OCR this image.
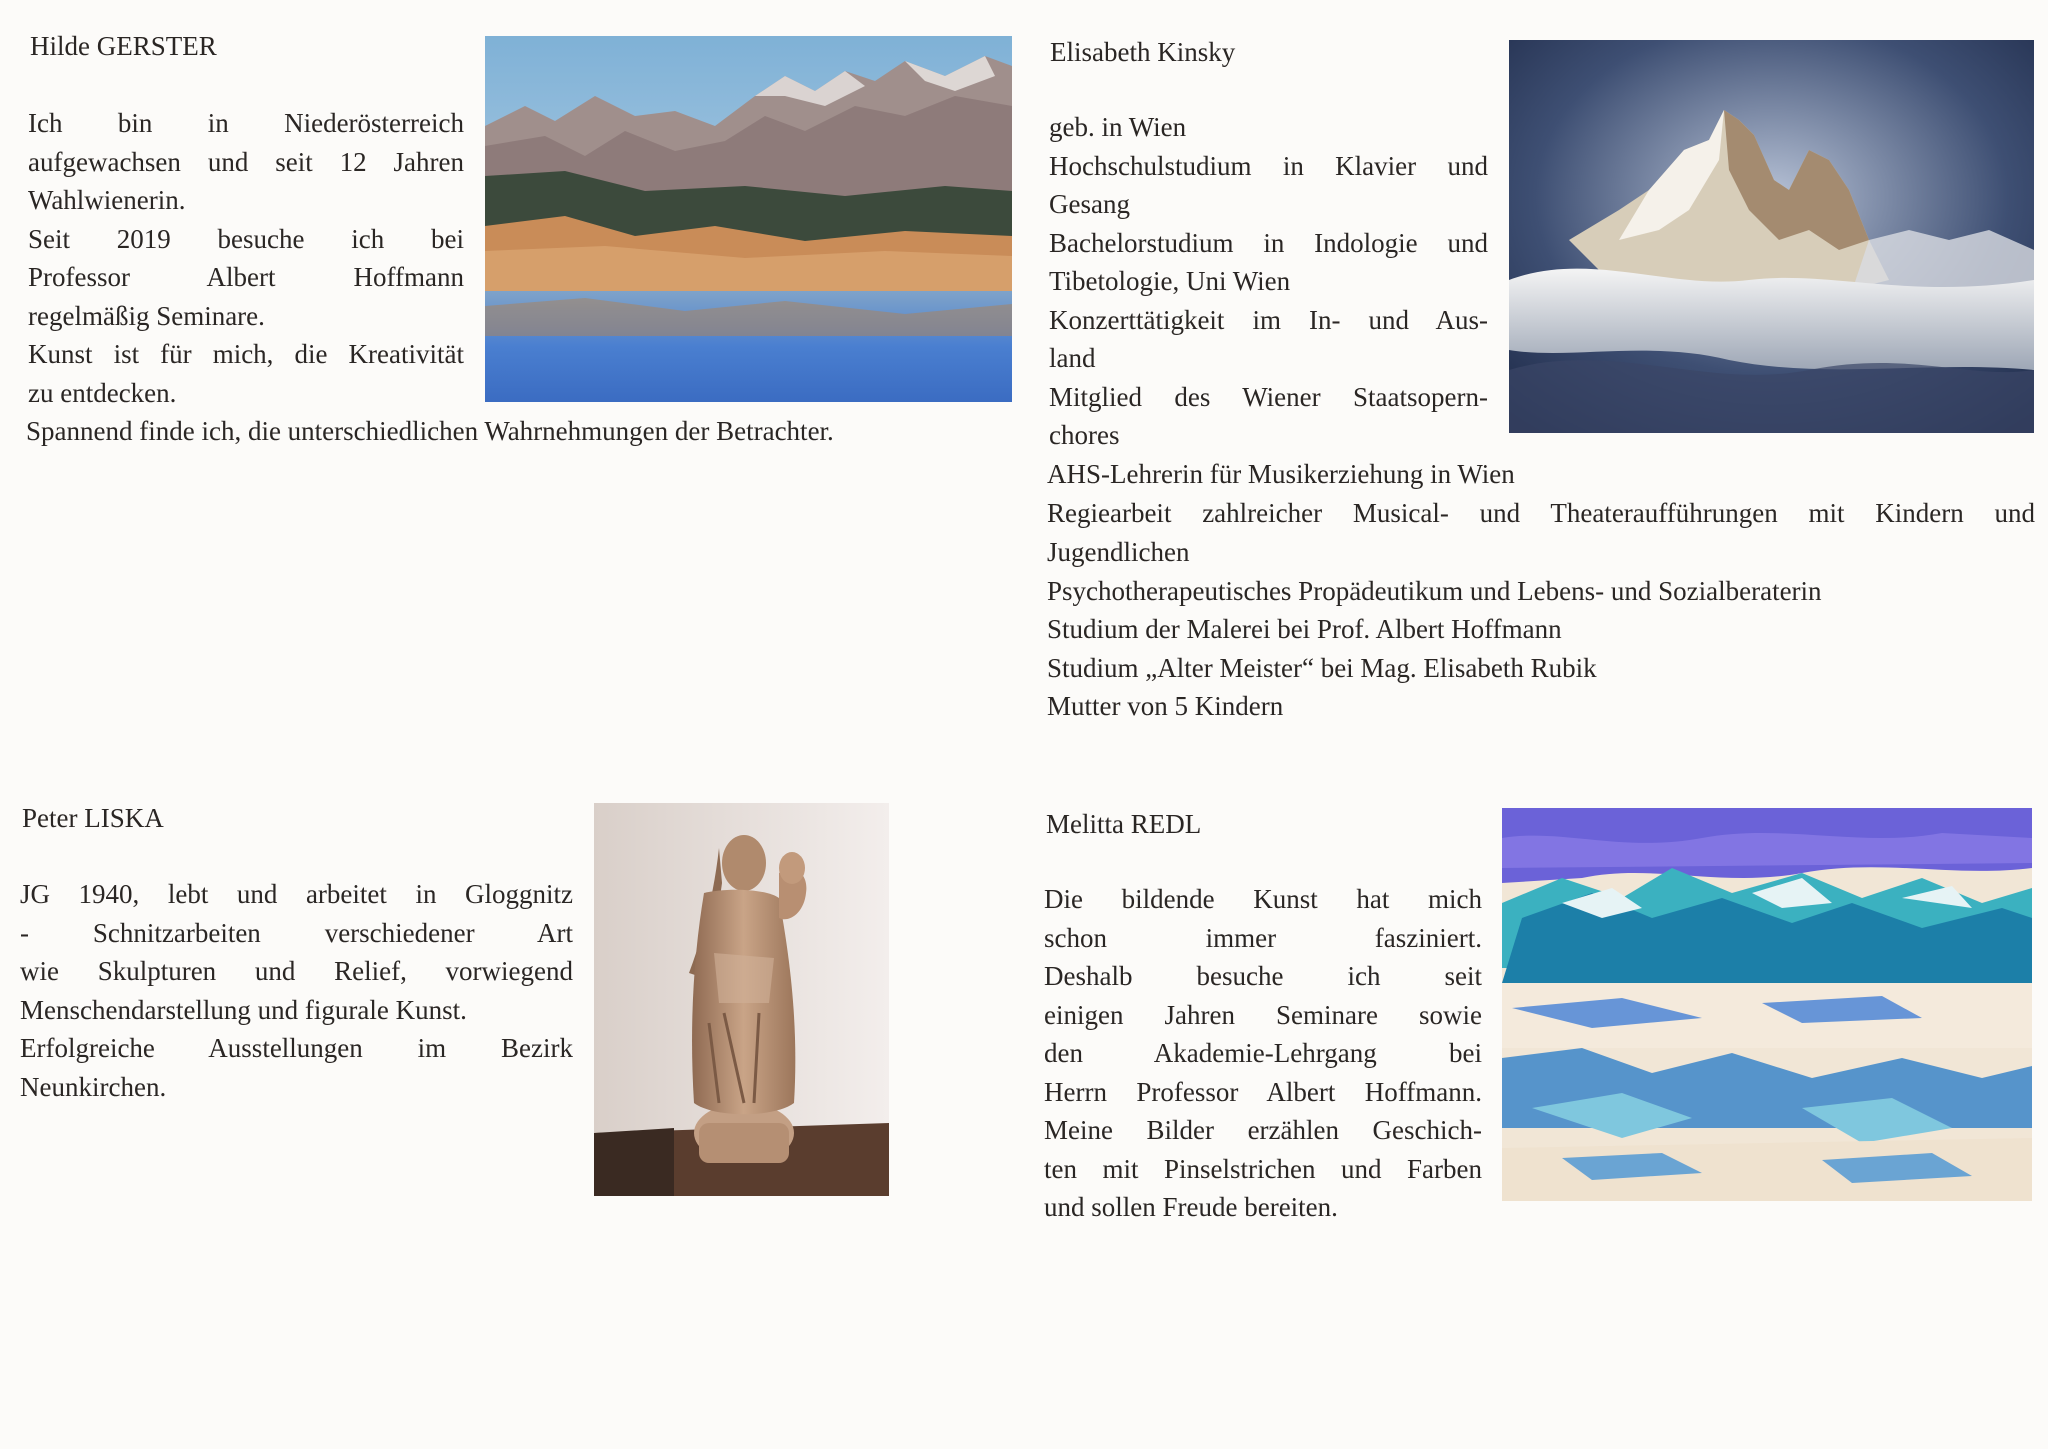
Hilde GERSTER
Ich bin in Niederösterreich
aufgewachsen und seit 12 Jahren
Wahlwienerin.
Seit 2019 besuche ich bei
Professor Albert Hoffmann
regelmäßig Seminare.
Kunst ist für mich, die Kreativität
zu entdecken.
Spannend finde ich, die unterschiedlichen Wahrnehmungen der Betrachter.
Elisabeth Kinsky
geb. in Wien
Hochschulstudium in Klavier und
Gesang
Bachelorstudium in Indologie und
Tibetologie, Uni Wien
Konzerttätigkeit im In- und Aus-
land
Mitglied des Wiener Staatsopern-
chores
AHS-Lehrerin für Musikerziehung in Wien
Regiearbeit zahlreicher Musical- und Theateraufführungen mit Kindern und
Jugendlichen
Psychotherapeutisches Propädeutikum und Lebens- und Sozialberaterin
Studium der Malerei bei Prof. Albert Hoffmann
Studium „Alter Meister“ bei Mag. Elisabeth Rubik
Mutter von 5 Kindern
Peter LISKA
JG 1940, lebt und arbeitet in Gloggnitz
- Schnitzarbeiten verschiedener Art
wie Skulpturen und Relief, vorwiegend
Menschendarstellung und figurale Kunst.
Erfolgreiche Ausstellungen im Bezirk
Neunkirchen.
Melitta REDL
Die bildende Kunst hat mich
schon immer fasziniert.
Deshalb besuche ich seit
einigen Jahren Seminare sowie
den Akademie-Lehrgang bei
Herrn Professor Albert Hoffmann.
Meine Bilder erzählen Geschich-
ten mit Pinselstrichen und Farben
und sollen Freude bereiten.
